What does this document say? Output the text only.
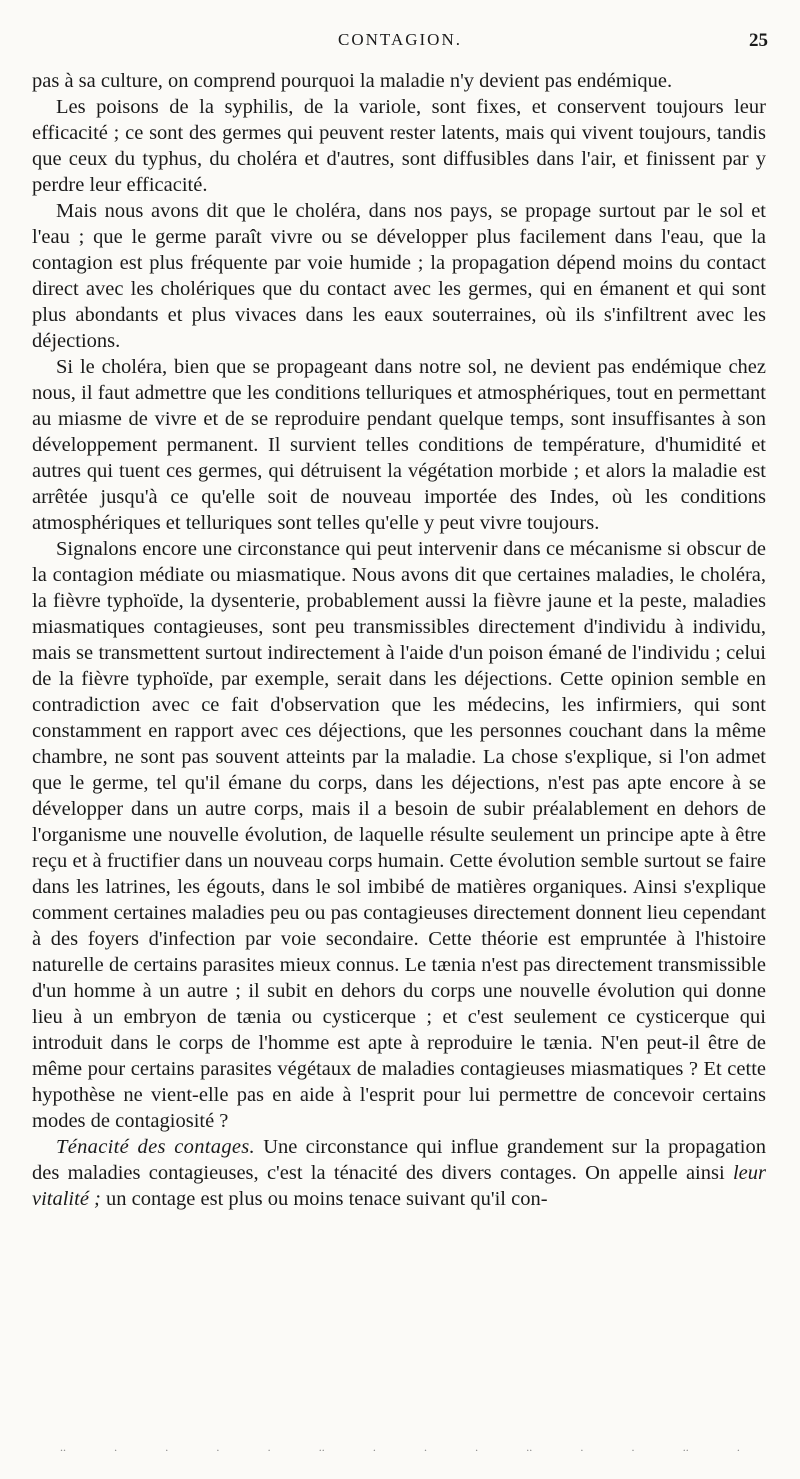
CONTAGION.	25

pas à sa culture, on comprend pourquoi la maladie n'y devient pas endémique.

Les poisons de la syphilis, de la variole, sont fixes, et conservent toujours leur efficacité ; ce sont des germes qui peuvent rester latents, mais qui vivent toujours, tandis que ceux du typhus, du choléra et d'autres, sont diffusibles dans l'air, et finissent par y perdre leur efficacité.

Mais nous avons dit que le choléra, dans nos pays, se propage surtout par le sol et l'eau ; que le germe paraît vivre ou se développer plus facilement dans l'eau, que la contagion est plus fréquente par voie humide ; la propagation dépend moins du contact direct avec les cholériques que du contact avec les germes, qui en émanent et qui sont plus abondants et plus vivaces dans les eaux souterraines, où ils s'infiltrent avec les déjections.

Si le choléra, bien que se propageant dans notre sol, ne devient pas endémique chez nous, il faut admettre que les conditions telluriques et atmosphériques, tout en permettant au miasme de vivre et de se reproduire pendant quelque temps, sont insuffisantes à son développement permanent. Il survient telles conditions de température, d'humidité et autres qui tuent ces germes, qui détruisent la végétation morbide ; et alors la maladie est arrêtée jusqu'à ce qu'elle soit de nouveau importée des Indes, où les conditions atmosphériques et telluriques sont telles qu'elle y peut vivre toujours.

Signalons encore une circonstance qui peut intervenir dans ce mécanisme si obscur de la contagion médiate ou miasmatique. Nous avons dit que certaines maladies, le choléra, la fièvre typhoïde, la dysenterie, probablement aussi la fièvre jaune et la peste, maladies miasmatiques contagieuses, sont peu transmissibles directement d'individu à individu, mais se transmettent surtout indirectement à l'aide d'un poison émané de l'individu ; celui de la fièvre typhoïde, par exemple, serait dans les déjections. Cette opinion semble en contradiction avec ce fait d'observation que les médecins, les infirmiers, qui sont constamment en rapport avec ces déjections, que les personnes couchant dans la même chambre, ne sont pas souvent atteints par la maladie. La chose s'explique, si l'on admet que le germe, tel qu'il émane du corps, dans les déjections, n'est pas apte encore à se développer dans un autre corps, mais il a besoin de subir préalablement en dehors de l'organisme une nouvelle évolution, de laquelle résulte seulement un principe apte à être reçu et à fructifier dans un nouveau corps humain. Cette évolution semble surtout se faire dans les latrines, les égouts, dans le sol imbibé de matières organiques. Ainsi s'explique comment certaines maladies peu ou pas contagieuses directement donnent lieu cependant à des foyers d'infection par voie secondaire. Cette théorie est empruntée à l'histoire naturelle de certains parasites mieux connus. Le tænia n'est pas directement transmissible d'un homme à un autre ; il subit en dehors du corps une nouvelle évolution qui donne lieu à un embryon de tænia ou cysticerque ; et c'est seulement ce cysticerque qui introduit dans le corps de l'homme est apte à reproduire le tænia. N'en peut-il être de même pour certains parasites végétaux de maladies contagieuses miasmatiques ? Et cette hypothèse ne vient-elle pas en aide à l'esprit pour lui permettre de concevoir certains modes de contagiosité ?

Ténacité des contages. Une circonstance qui influe grandement sur la propagation des maladies contagieuses, c'est la ténacité des divers contages. On appelle ainsi leur vitalité ; un contage est plus ou moins tenace suivant qu'il con-

..	.	.	.	.	..	.	.	.	..	.	.	..	.
